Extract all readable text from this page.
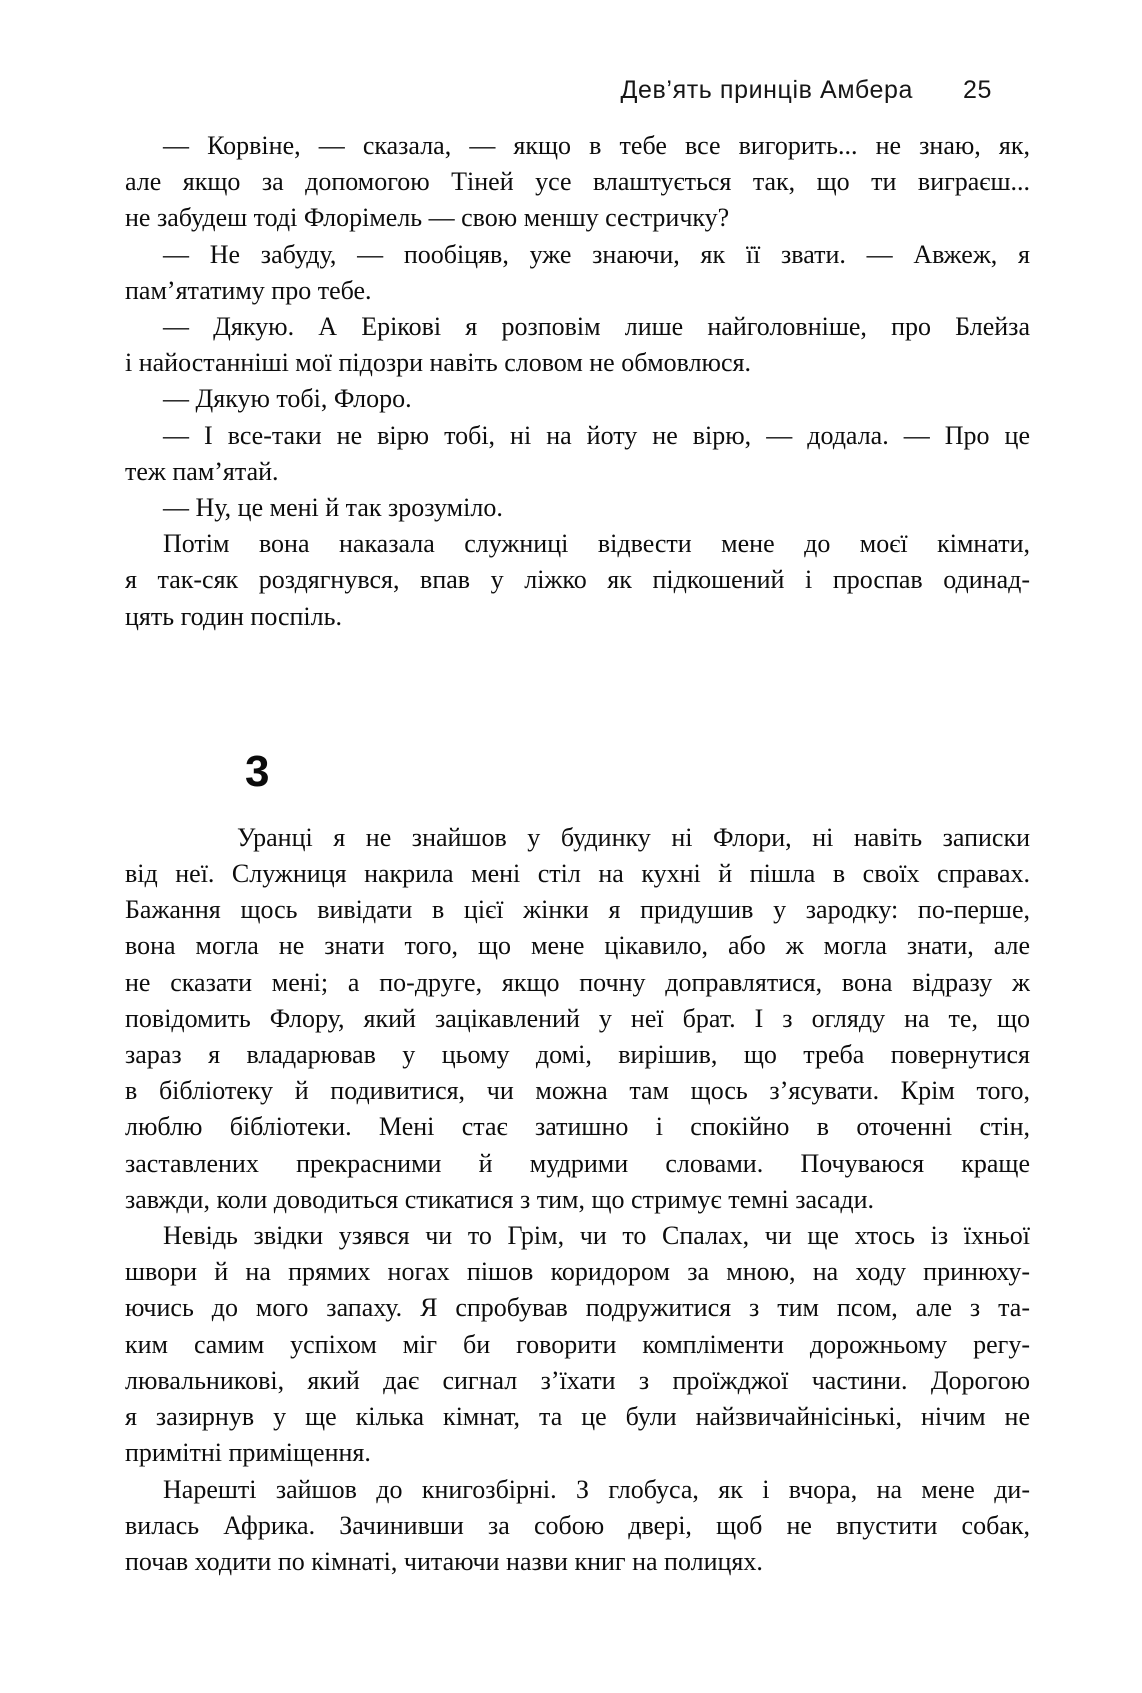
Дев’ять принців Амбера 25
— Корвіне, — сказала, — якщо в тебе все вигорить... не знаю, як,
але якщо за допомогою Тіней усе влаштується так, що ти виграєш...
не забудеш тоді Флорімель — свою меншу сестричку?
— Не забуду, — пообіцяв, уже знаючи, як її звати. — Авжеж, я
пам’ятатиму про тебе.
— Дякую. А Ерікові я розповім лише найголовніше, про Блейза
і найостанніші мої підозри навіть словом не обмовлюся.
— Дякую тобі, Флоро.
— І все-таки не вірю тобі, ні на йоту не вірю, — додала. — Про це
теж пам’ятай.
— Ну, це мені й так зрозуміло.
Потім вона наказала служниці відвести мене до моєї кімнати,
я так-сяк роздягнувся, впав у ліжко як підкошений і проспав одинад-
цять годин поспіль.
3
Уранці я не знайшов у будинку ні Флори, ні навіть записки
від неї. Служниця накрила мені стіл на кухні й пішла в своїх справах.
Бажання щось вивідати в цієї жінки я придушив у зародку: по-перше,
вона могла не знати того, що мене цікавило, або ж могла знати, але
не сказати мені; а по-друге, якщо почну доправлятися, вона відразу ж
повідомить Флору, який зацікавлений у неї брат. І з огляду на те, що
зараз я владарював у цьому домі, вирішив, що треба повернутися
в бібліотеку й подивитися, чи можна там щось з’ясувати. Крім того,
люблю бібліотеки. Мені стає затишно і спокійно в оточенні стін,
заставлених прекрасними й мудрими словами. Почуваюся краще
завжди, коли доводиться стикатися з тим, що стримує темні засади.
Невідь звідки узявся чи то Грім, чи то Спалах, чи ще хтось із їхньої
швори й на прямих ногах пішов коридором за мною, на ходу принюху-
ючись до мого запаху. Я спробував подружитися з тим псом, але з та-
ким самим успіхом міг би говорити компліменти дорожньому регу-
лювальникові, який дає сигнал з’їхати з проїжджої частини. Дорогою
я зазирнув у ще кілька кімнат, та це були найзвичайнісінькі, нічим не
примітні приміщення.
Нарешті зайшов до книгозбірні. З глобуса, як і вчора, на мене ди-
вилась Африка. Зачинивши за собою двері, щоб не впустити собак,
почав ходити по кімнаті, читаючи назви книг на полицях.
